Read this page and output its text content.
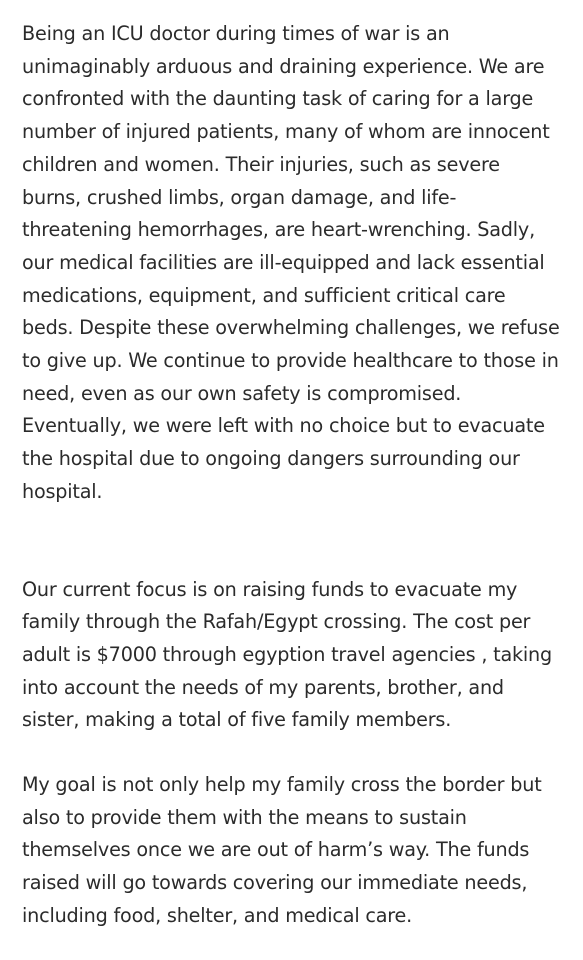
Being an ICU doctor during times of war is an unimaginably arduous and draining experience. We are confronted with the daunting task of caring for a large number of injured patients, many of whom are innocent children and women. Their injuries, such as severe burns, crushed limbs, organ damage, and life-threatening hemorrhages, are heart-wrenching. Sadly, our medical facilities are ill-equipped and lack essential medications, equipment, and sufficient critical care beds. Despite these overwhelming challenges, we refuse to give up. We continue to provide healthcare to those in need, even as our own safety is compromised. Eventually, we were left with no choice but to evacuate the hospital due to ongoing dangers surrounding our hospital.

Our current focus is on raising funds to evacuate my family through the Rafah/Egypt crossing. The cost per adult is $7000 through egyption travel agencies , taking into account the needs of my parents, brother, and sister, making a total of five family members.

My goal is not only help my family cross the border but also to provide them with the means to sustain themselves once we are out of harm’s way. The funds raised will go towards covering our immediate needs, including food, shelter, and medical care.
